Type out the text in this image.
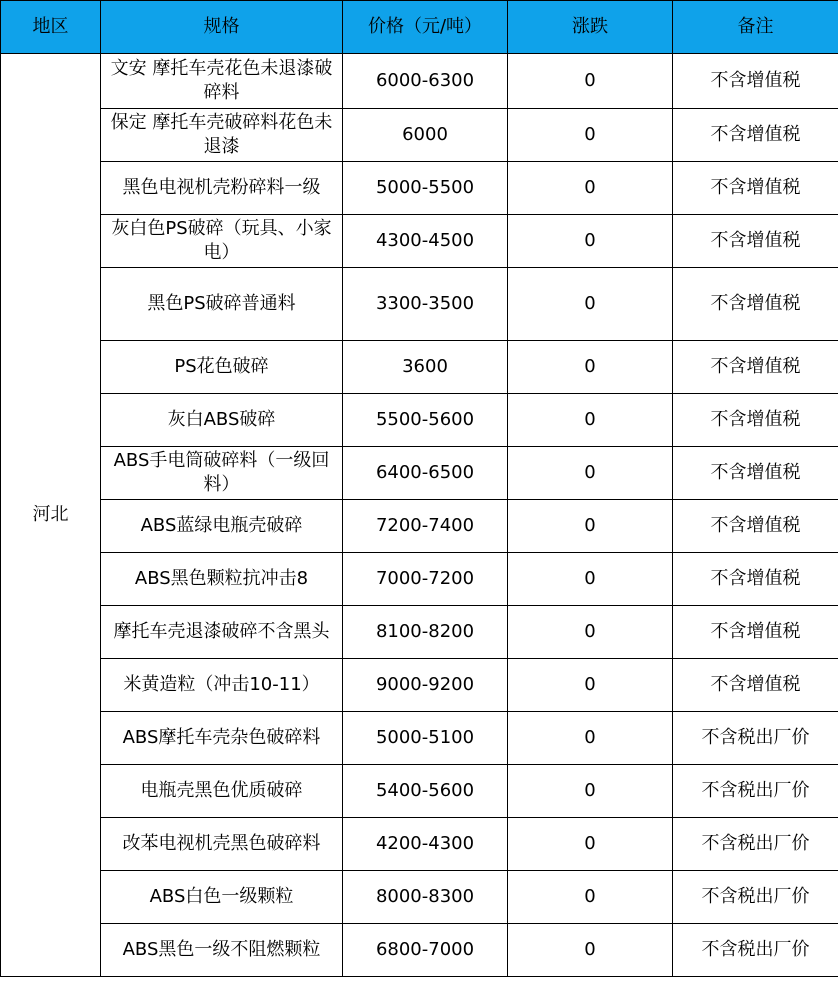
地区	规格	价格（元/吨）	涨跌	备注
河北	文安 摩托车壳花色未退漆破碎料	6000-6300	0	不含增值税
	保定 摩托车壳破碎料花色未退漆	6000	0	不含增值税
	黑色电视机壳粉碎料一级	5000-5500	0	不含增值税
	灰白色PS破碎（玩具、小家电）	4300-4500	0	不含增值税
	黑色PS破碎普通料	3300-3500	0	不含增值税
	PS花色破碎	3600	0	不含增值税
	灰白ABS破碎	5500-5600	0	不含增值税
	ABS手电筒破碎料（一级回料）	6400-6500	0	不含增值税
	ABS蓝绿电瓶壳破碎	7200-7400	0	不含增值税
	ABS黑色颗粒抗冲击8	7000-7200	0	不含增值税
	摩托车壳退漆破碎不含黑头	8100-8200	0	不含增值税
	米黄造粒（冲击10-11）	9000-9200	0	不含增值税
	ABS摩托车壳杂色破碎料	5000-5100	0	不含税出厂价
	电瓶壳黑色优质破碎	5400-5600	0	不含税出厂价
	改苯电视机壳黑色破碎料	4200-4300	0	不含税出厂价
	ABS白色一级颗粒	8000-8300	0	不含税出厂价
	ABS黑色一级不阻燃颗粒	6800-7000	0	不含税出厂价
